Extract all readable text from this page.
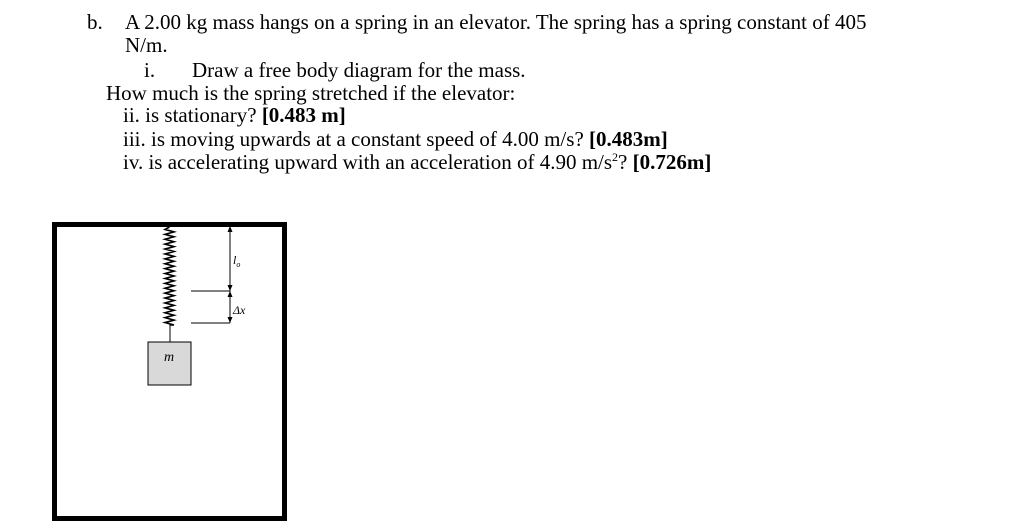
b. A 2.00 kg mass hangs on a spring in an elevator. The spring has a spring constant of 405
N/m.
i. Draw a free body diagram for the mass.
How much is the spring stretched if the elevator:
ii. is stationary? [0.483 m]
iii. is moving upwards at a constant speed of 4.00 m/s? [0.483m]
iv. is accelerating upward with an acceleration of 4.90 $m/s^2$? [0.726m]
m
$l_o$
Δx
